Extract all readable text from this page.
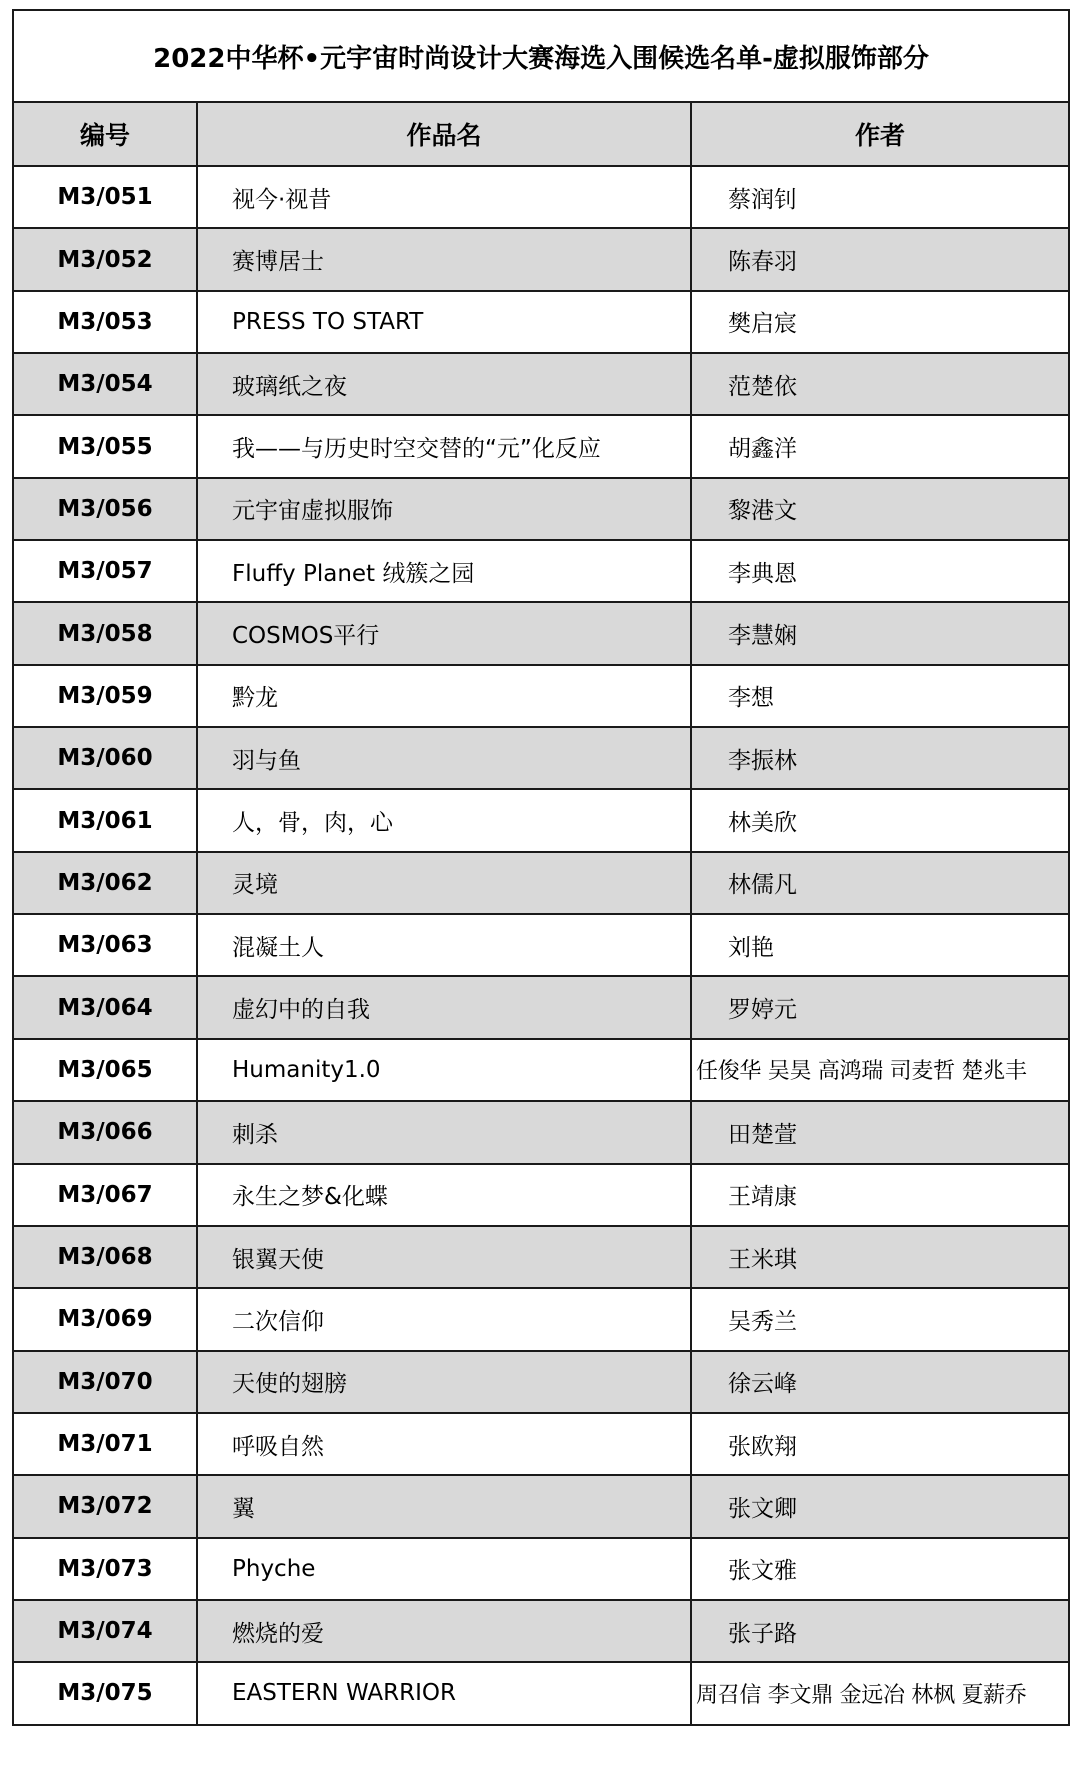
2022中华杯•元宇宙时尚设计大赛海选入围候选名单-虚拟服饰部分		
编号	作品名	作者
M3/051	视今·视昔	蔡润钊
M3/052	赛博居士	陈春羽
M3/053	PRESS TO START	樊启宸
M3/054	玻璃纸之夜	范楚依
M3/055	我——与历史时空交替的“元”化反应	胡鑫洋
M3/056	元宇宙虚拟服饰	黎港文
M3/057	Fluffy Planet 绒簇之园	李典恩
M3/058	COSMOS平行	李慧娴
M3/059	黔龙	李想
M3/060	羽与鱼	李振林
M3/061	人，骨，肉，心	林美欣
M3/062	灵境	林儒凡
M3/063	混凝土人	刘艳
M3/064	虚幻中的自我	罗婷元
M3/065	Humanity1.0	任俊华 吴昊 高鸿瑞 司麦哲 楚兆丰
M3/066	刺杀	田楚萱
M3/067	永生之梦&化蝶	王靖康
M3/068	银翼天使	王米琪
M3/069	二次信仰	吴秀兰
M3/070	天使的翅膀	徐云峰
M3/071	呼吸自然	张欧翔
M3/072	翼	张文卿
M3/073	Phyche	张文雅
M3/074	燃烧的爱	张子路
M3/075	EASTERN WARRIOR	周召信 李文鼎 金远冶 林枫 夏薪乔
